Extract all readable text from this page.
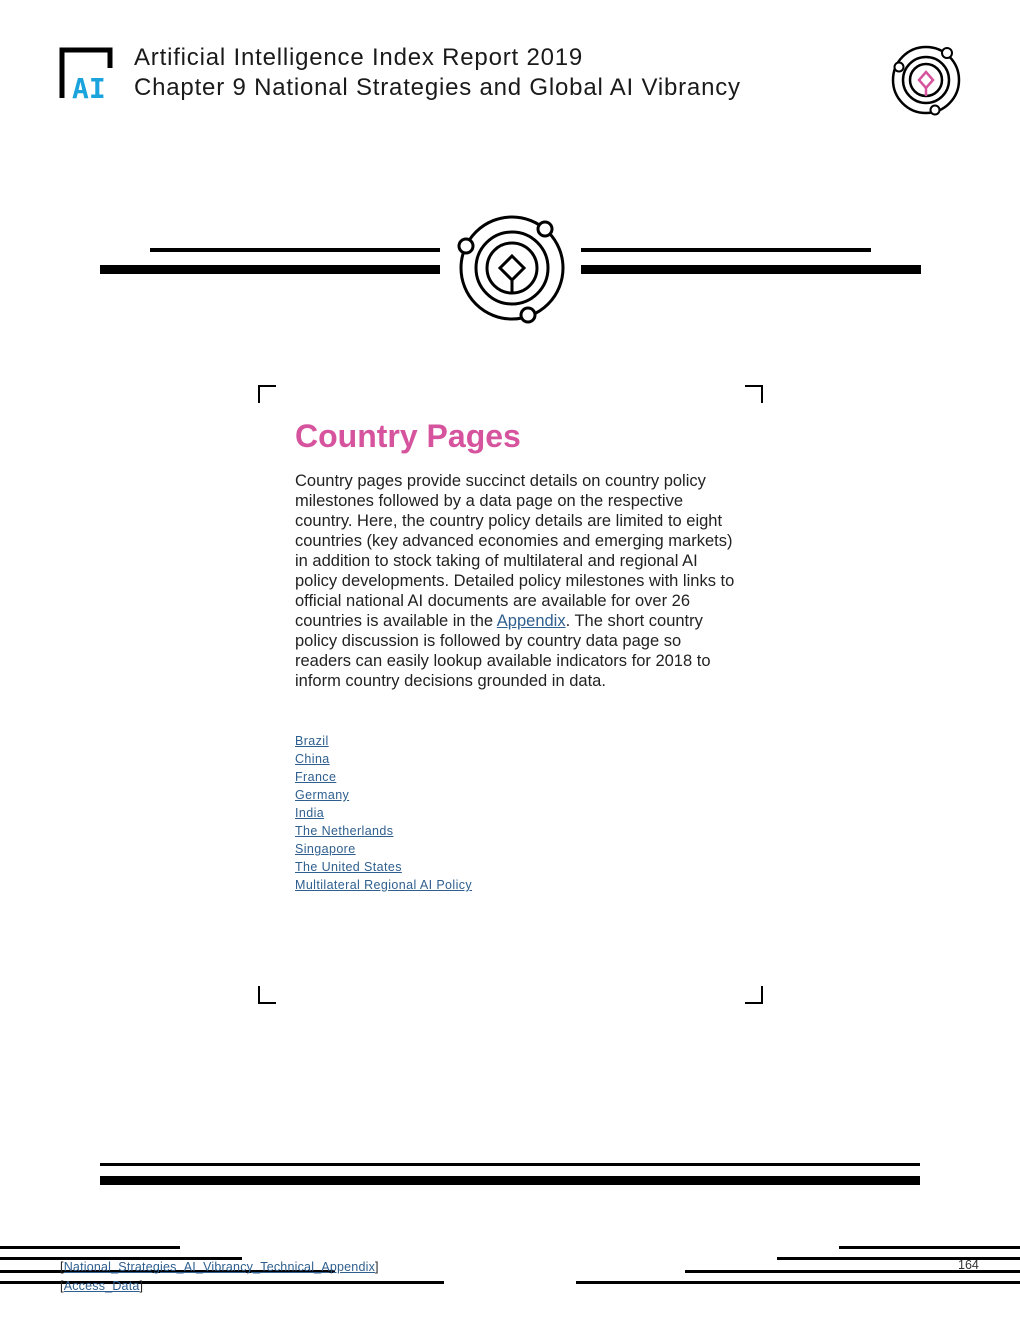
AI
Artificial Intelligence Index Report 2019
Chapter 9 National Strategies and Global AI Vibrancy
Country Pages
Country pages provide succinct details on country policy milestones followed by a data page on the respective country. Here, the country policy details are limited to eight countries (key advanced economies and emerging markets) in addition to stock taking of multilateral and regional AI policy developments. Detailed policy milestones with links to official national AI documents are available for over 26 countries is available in the Appendix. The short country policy discussion is followed by country data page so readers can easily lookup available indicators for 2018 to inform country decisions grounded in data.
Brazil
China
France
Germany
India
The Netherlands
Singapore
The United States
Multilateral Regional AI Policy
[National_Strategies_AI_Vibrancy_Technical_Appendix]
[Access_Data]
164
